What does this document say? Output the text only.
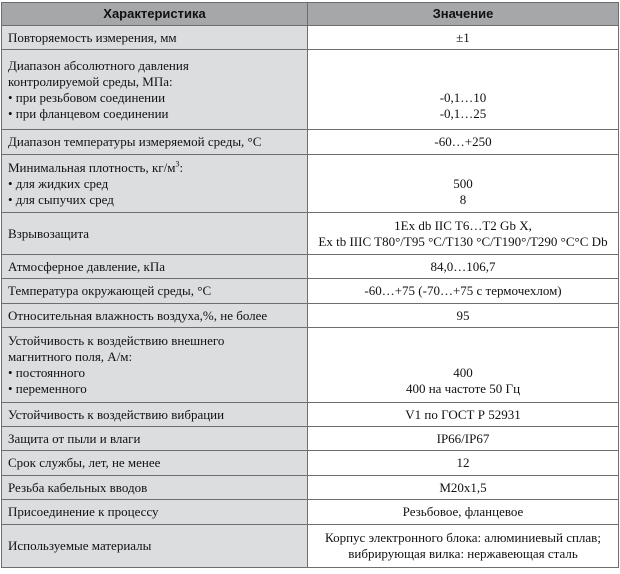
Характеристика	Значение

Повторяемость измерения, мм	±1

Диапазон абсолютного давления
контролируемой среды, МПа:
• при резьбовом соединении
• при фланцевом соединении	-0,1…10
-0,1…25

Диапазон температуры измеряемой среды, °С	-60…+250

Минимальная плотность, $кг/м^3$:
• для жидких сред
• для сыпучих сред	500
8

Взрывозащита	1Ex db IIC T6…T2 Gb X,
Ex tb IIIC T80°/T95 °C/T130 °C/T190°/T290 °C°C Db

Атмосферное давление, кПа	84,0…106,7

Температура окружающей среды, °С	-60…+75 (-70…+75 с термочехлом)

Относительная влажность воздуха,%, не более	95

Устойчивость к воздействию внешнего
магнитного поля, А/м:
• постоянного
• переменного	400
400 на частоте 50 Гц

Устойчивость к воздействию вибрации	V1 по ГОСТ Р 52931

Защита от пыли и влаги	IP66/IP67

Срок службы, лет, не менее	12

Резьба кабельных вводов	M20x1,5

Присоединение к процессу	Резьбовое, фланцевое

Используемые материалы	Корпус электронного блока: алюминиевый сплав;
вибрирующая вилка: нержавеющая сталь
